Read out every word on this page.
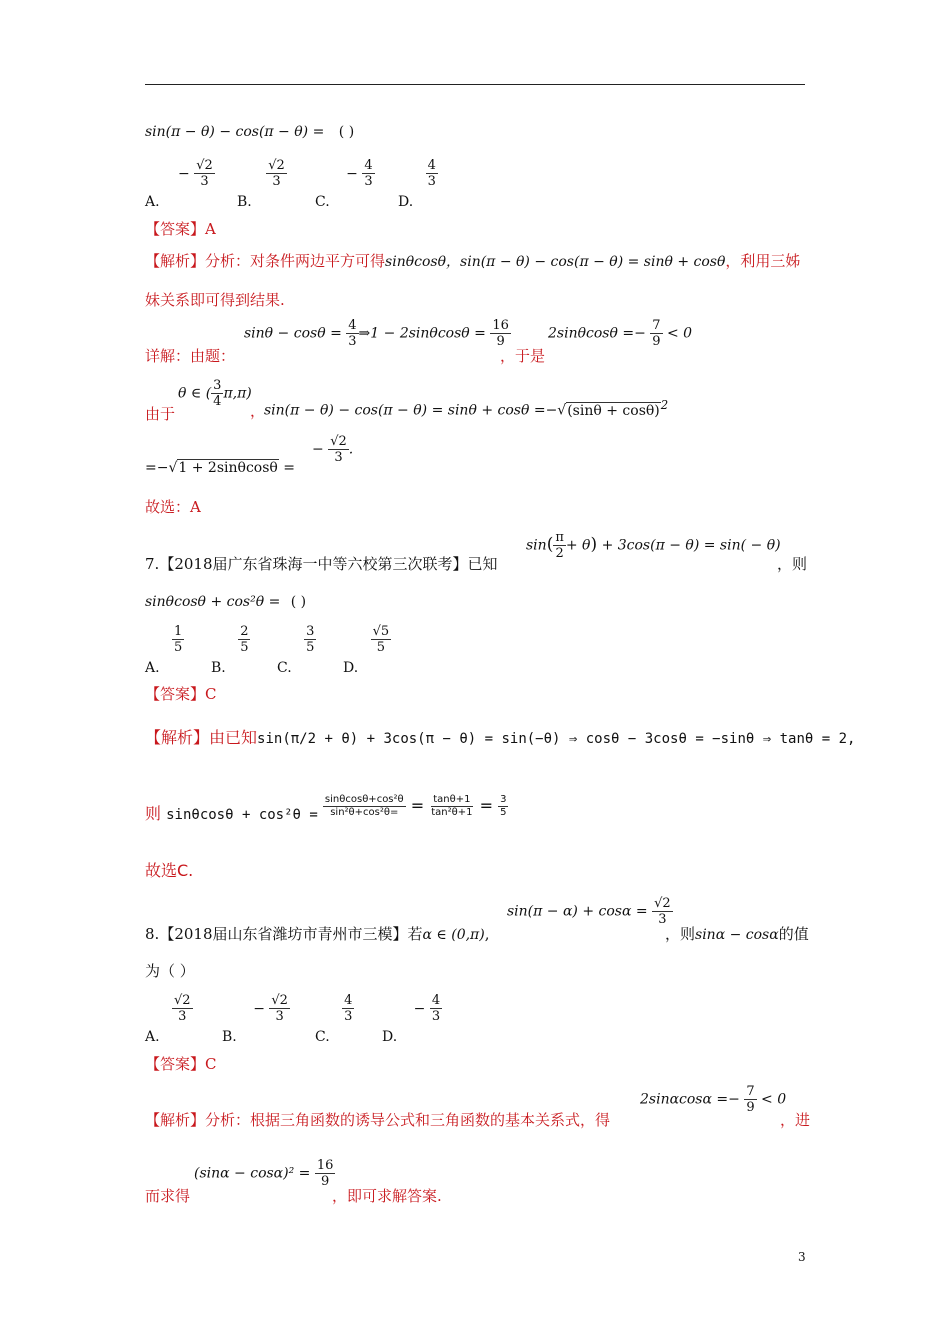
sin(π − θ) − cos(π − θ) = ( )
A. − $\frac{√2}{3}$
B.
$\frac{√2}{3}$
C. − $\frac{4}{3}$
D.
$\frac{4}{3}$
【答案】A
【解析】分析：对条件两边平方可得sinθcosθ，sin(π − θ) − cos(π − θ) = sinθ + cosθ，利用三姊
妹关系即可得到结果.
详解：由题：
$\sin\theta - \cos\theta = \frac{4}{3}$ ⇒1 − $2\sin\theta\cos\theta = \frac{16}{9}$
，于是
$2\sin\theta\cos\theta =- \frac{7}{9} < 0$
由于
θ ∈ ( $\frac{3}{4} \pi,\pi$)
，
$\sin(\pi - \theta) - \cos(\pi - \theta) = \sin\theta + \cos\theta =-√(\sin\theta + \cos\theta)^2$
=−√1 + 2sinθcosθ =
− $\frac{√2}{3}$ .
故选：A
7.【2018届广东省珠海一中等六校第三次联考】已知
$\sin( \frac{\pi}{2} + \theta) + 3\cos(\pi - \theta) = \sin( - \theta)$
，则
sinθcosθ + cos²θ = ( )
A.
$\frac{1}{5}$
B.
$\frac{2}{5}$
C.
$\frac{3}{5}$
D.
$\frac{√5}{5}$
【答案】C
【解析】由已知sin(π/2 + θ) + 3cos(π − θ) = sin(−θ) ⇒ cosθ − 3cosθ = −sinθ ⇒ tanθ = 2,
则 $\sin\theta\cos\theta + \cos^2\theta = \frac{\text{sinθcosθ+cos²θ}}{\text{sin²θ+cos²θ=}} = \frac{\tan\theta+1}{\text{tan²θ+1}} = \frac{3}{5}$
故选C.
8.【2018届山东省潍坊市青州市三模】若α ∈ (0,π),
$\sin(\pi - \alpha) + \cos\alpha = \frac{√2}{3}$
，则sinα − cosα的值
为（ ）
A.
$\frac{√2}{3}$
B. − $\frac{√2}{3}$
C.
$\frac{4}{3}$
D. − $\frac{4}{3}$
【答案】C
【解析】分析：根据三角函数的诱导公式和三角函数的基本关系式，得
$2\sin\alpha\cos\alpha =- \frac{7}{9} < 0$
，进
而求得
$(\sin\alpha - \cos\alpha)^2 = \frac{16}{9}$
，即可求解答案.
3
